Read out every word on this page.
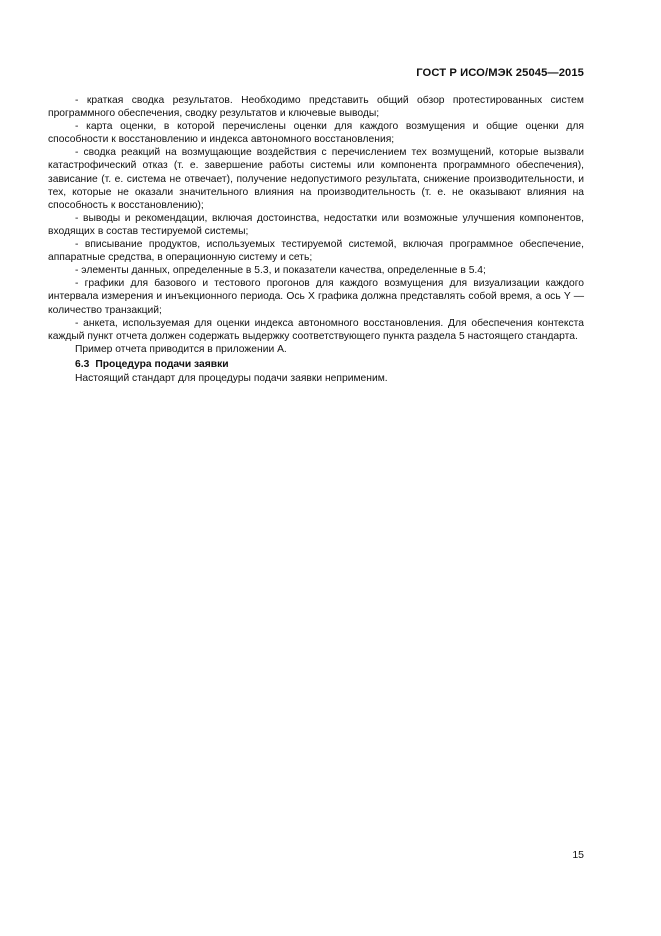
ГОСТ Р ИСО/МЭК 25045—2015

- краткая сводка результатов. Необходимо представить общий обзор протестированных систем программного обеспечения, сводку результатов и ключевые выводы;

- карта оценки, в которой перечислены оценки для каждого возмущения и общие оценки для способности к восстановлению и индекса автономного восстановления;

- сводка реакций на возмущающие воздействия с перечислением тех возмущений, которые вызвали катастрофический отказ (т. е. завершение работы системы или компонента программного обеспечения), зависание (т. е. система не отвечает), получение недопустимого результата, снижение производительности, и тех, которые не оказали значительного влияния на производительность (т. е. не оказывают влияния на способность к восстановлению);

- выводы и рекомендации, включая достоинства, недостатки или возможные улучшения компонентов, входящих в состав тестируемой системы;

- вписывание продуктов, используемых тестируемой системой, включая программное обеспечение, аппаратные средства, в операционную систему и сеть;

- элементы данных, определенные в 5.3, и показатели качества, определенные в 5.4;

- графики для базового и тестового прогонов для каждого возмущения для визуализации каждого интервала измерения и инъекционного периода. Ось X графика должна представлять собой время, а ось Y — количество транзакций;

- анкета, используемая для оценки индекса автономного восстановления. Для обеспечения контекста каждый пункт отчета должен содержать выдержку соответствующего пункта раздела 5 настоящего стандарта.

Пример отчета приводится в приложении А.

6.3 Процедура подачи заявки

Настоящий стандарт для процедуры подачи заявки неприменим.

15
